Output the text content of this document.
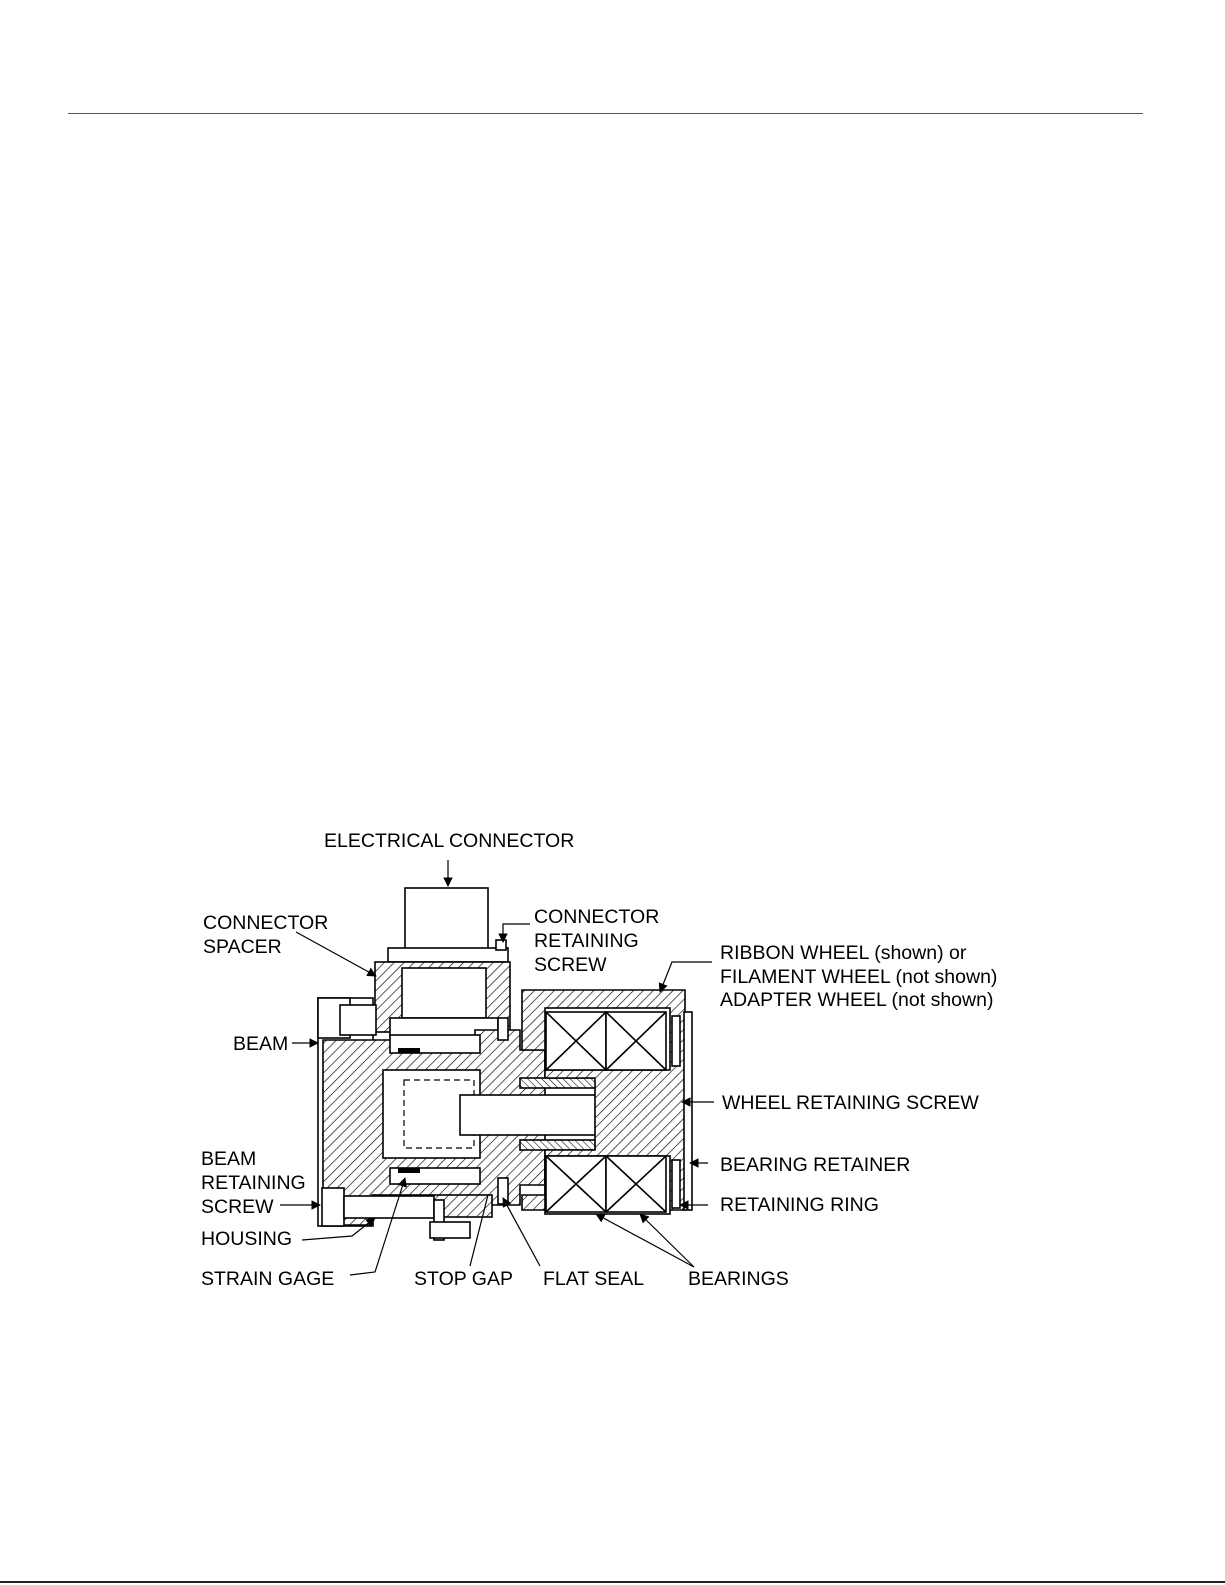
ELECTRICAL CONNECTOR
CONNECTOR
SPACER
CONNECTOR
RETAINING
SCREW
RIBBON WHEEL (shown) or
FILAMENT WHEEL (not shown)
ADAPTER WHEEL (not shown)
BEAM
WHEEL RETAINING SCREW
BEAM
RETAINING
SCREW
BEARING RETAINER
RETAINING RING
HOUSING
STRAIN GAGE	STOP GAP FLAT SEAL BEARINGS
